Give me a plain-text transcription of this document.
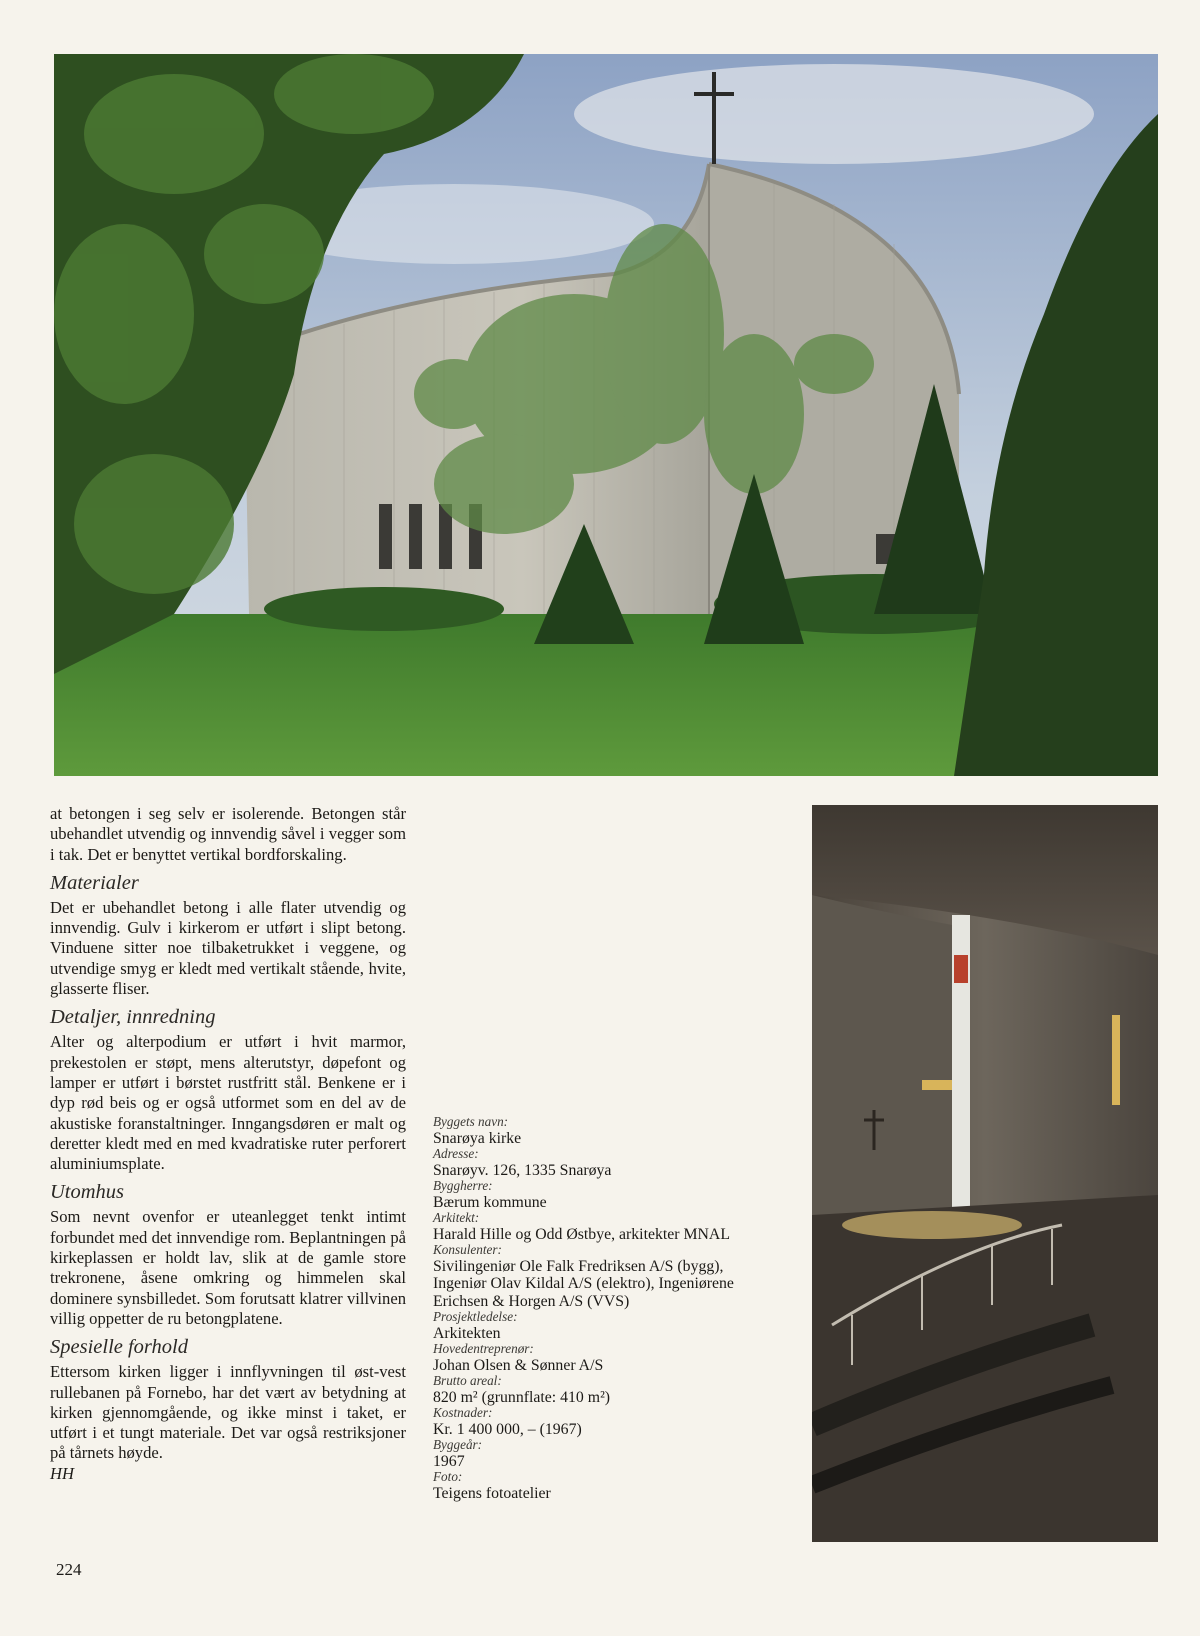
at betongen i seg selv er isolerende. Betongen står ubehandlet utvendig og innvendig såvel i vegger som i tak. Det er benyttet vertikal bordforskaling.

Materialer

Det er ubehandlet betong i alle flater utvendig og innvendig. Gulv i kirkerom er utført i slipt betong. Vinduene sitter noe tilbaketrukket i veggene, og utvendige smyg er kledt med vertikalt stående, hvite, glasserte fliser.

Detaljer, innredning

Alter og alterpodium er utført i hvit marmor, prekestolen er støpt, mens alterutstyr, døpefont og lamper er utført i børstet rustfritt stål. Benkene er i dyp rød beis og er også utformet som en del av de akustiske foranstaltninger. Inngangsdøren er malt og deretter kledt med en med kvadratiske ruter perforert aluminiumsplate.

Utomhus

Som nevnt ovenfor er uteanlegget tenkt intimt forbundet med det innvendige rom. Beplantningen på kirkeplassen er holdt lav, slik at de gamle store trekronene, åsene omkring og himmelen skal dominere synsbilledet. Som forutsatt klatrer villvinen villig oppetter de ru betongplatene.

Spesielle forhold

Ettersom kirken ligger i innflyvningen til øst-vest rullebanen på Fornebo, har det vært av betydning at kirken gjennomgående, og ikke minst i taket, er utført i et tungt materiale. Det var også restriksjoner på tårnets høyde.

HH

Byggets navn:
Snarøya kirke
Adresse:
Snarøyv. 126, 1335 Snarøya
Byggherre:
Bærum kommune
Arkitekt:
Harald Hille og Odd Østbye, arkitekter MNAL
Konsulenter:
Sivilingeniør Ole Falk Fredriksen A/S (bygg), Ingeniør Olav Kildal A/S (elektro), Ingeniørene Erichsen & Horgen A/S (VVS)
Prosjektledelse:
Arkitekten
Hovedentreprenør:
Johan Olsen & Sønner A/S
Brutto areal:
820 m² (grunnflate: 410 m²)
Kostnader:
Kr. 1 400 000, – (1967)
Byggeår:
1967
Foto:
Teigens fotoatelier
224
